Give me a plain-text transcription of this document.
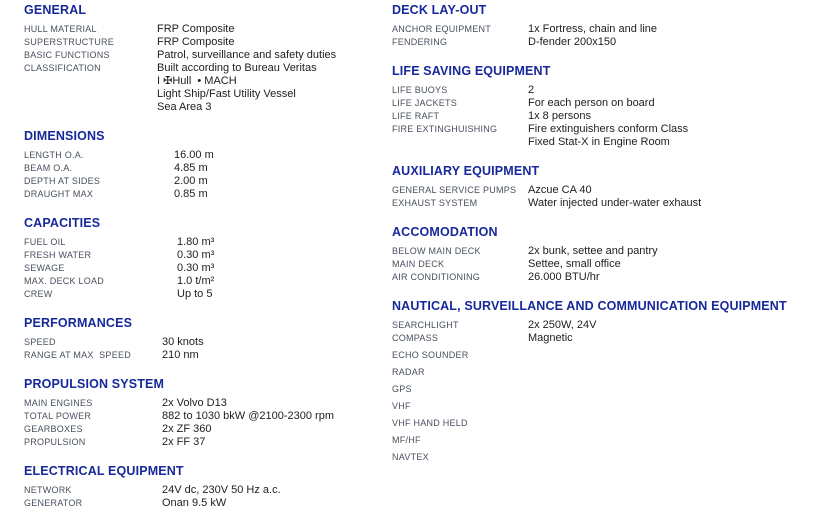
GENERAL
HULL MATERIAL	FRP Composite
SUPERSTRUCTURE	FRP Composite
BASIC FUNCTIONS	Patrol, surveillance and safety duties
CLASSIFICATION	Built according to Bureau Veritas
I ✠Hull  • MACH
Light Ship/Fast Utility Vessel
Sea Area 3
DIMENSIONS
LENGTH O.A.	16.00 m
BEAM O.A.	4.85 m
DEPTH AT SIDES	2.00 m
DRAUGHT MAX	0.85 m
CAPACITIES
FUEL OIL	1.80 m³
FRESH WATER	0.30 m³
SEWAGE	0.30 m³
MAX. DECK LOAD	1.0 t/m²
CREW	Up to 5
PERFORMANCES
SPEED	30 knots
RANGE AT MAX  SPEED	210 nm
PROPULSION SYSTEM
MAIN ENGINES	2x Volvo D13
TOTAL POWER	882 to 1030 bkW @2100-2300 rpm
GEARBOXES	2x ZF 360
PROPULSION	2x FF 37
ELECTRICAL EQUIPMENT
NETWORK	24V dc, 230V 50 Hz a.c.
GENERATOR	Onan 9.5 kW
DECK LAY-OUT
ANCHOR EQUIPMENT	1x Fortress, chain and line
FENDERING	D-fender 200x150
LIFE SAVING EQUIPMENT
LIFE BUOYS	2
LIFE JACKETS	For each person on board
LIFE RAFT	1x 8 persons
FIRE EXTINGHUISHING	Fire extinguishers conform Class
Fixed Stat-X in Engine Room
AUXILIARY EQUIPMENT
GENERAL SERVICE PUMPS	Azcue CA 40
EXHAUST SYSTEM	Water injected under-water exhaust
ACCOMODATION
BELOW MAIN DECK	2x bunk, settee and pantry
MAIN DECK	Settee, small office
AIR CONDITIONING	26.000 BTU/hr
NAUTICAL, SURVEILLANCE AND COMMUNICATION EQUIPMENT
SEARCHLIGHT	2x 250W, 24V
COMPASS	Magnetic
ECHO SOUNDER
RADAR
GPS
VHF
VHF HAND HELD
MF/HF
NAVTEX
